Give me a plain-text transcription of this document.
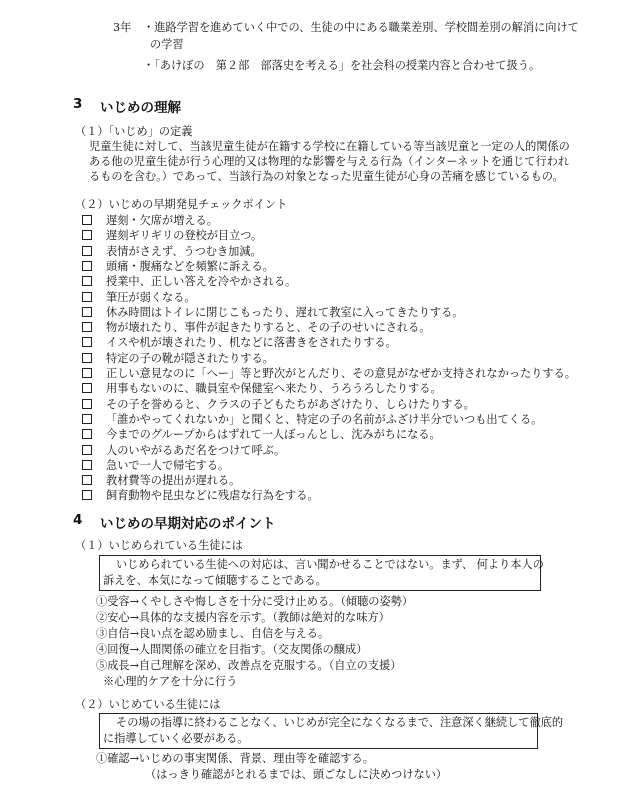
3年 ・進路学習を進めていく中での、生徒の中にある職業差別、学校間差別の解消に向けて
の学習
・「あけぼの　第２部　部落史を考える」を社会科の授業内容と合わせて扱う。
3 いじめの理解
（１）「いじめ」の定義
児童生徒に対して、当該児童生徒が在籍する学校に在籍している等当該児童と一定の人的関係の
ある他の児童生徒が行う心理的又は物理的な影響を与える行為（インターネットを通じて行われ
るものを含む。）であって、当該行為の対象となった児童生徒が心身の苦痛を感じているもの。
（２）いじめの早期発見チェックポイント
遅刻・欠席が増える。
遅刻ギリギリの登校が目立つ。
表情がさえず、うつむき加減。
頭痛・腹痛などを頻繁に訴える。
授業中、正しい答えを冷やかされる。
筆圧が弱くなる。
休み時間はトイレに閉じこもったり、遅れて教室に入ってきたりする。
物が壊れたり、事件が起きたりすると、その子のせいにされる。
イスや机が壊されたり、机などに落書きをされたりする。
特定の子の靴が隠されたりする。
正しい意見なのに「へー」等と野次がとんだり、その意見がなぜか支持されなかったりする。
用事もないのに、職員室や保健室へ来たり、うろうろしたりする。
その子を誉めると、クラスの子どもたちがあざけたり、しらけたりする。
「誰かやってくれないか」と聞くと、特定の子の名前がふざけ半分でいつも出てくる。
今までのグループからはずれて一人ぼっんとし、沈みがちになる。
人のいやがるあだ名をつけて呼ぶ。
急いで一人で帰宅する。
教材費等の提出が遅れる。
飼育動物や昆虫などに残虐な行為をする。
4 いじめの早期対応のポイント
（１）いじめられている生徒には
いじめられている生徒への対応は、言い聞かせることではない。まず、 何より本人の
訴えを、本気になって傾聴することである。
①受容→くやしさや悔しさを十分に受け止める。（傾聴の姿勢）
②安心→具体的な支援内容を示す。（教師は絶対的な味方）
③自信→良い点を認め励まし、自信を与える。
④回復→人間関係の確立を目指す。（交友関係の醸成）
⑤成長→自己理解を深め、改善点を克服する。（自立の支援）
※心理的ケアを十分に行う
（２）いじめている生徒には
その場の指導に終わることなく、いじめが完全になくなるまで、注意深く継続して徹底的
に指導していく必要がある。
①確認→いじめの事実関係、背景、理由等を確認する。
（はっきり確認がとれるまでは、頭ごなしに決めつけない）
